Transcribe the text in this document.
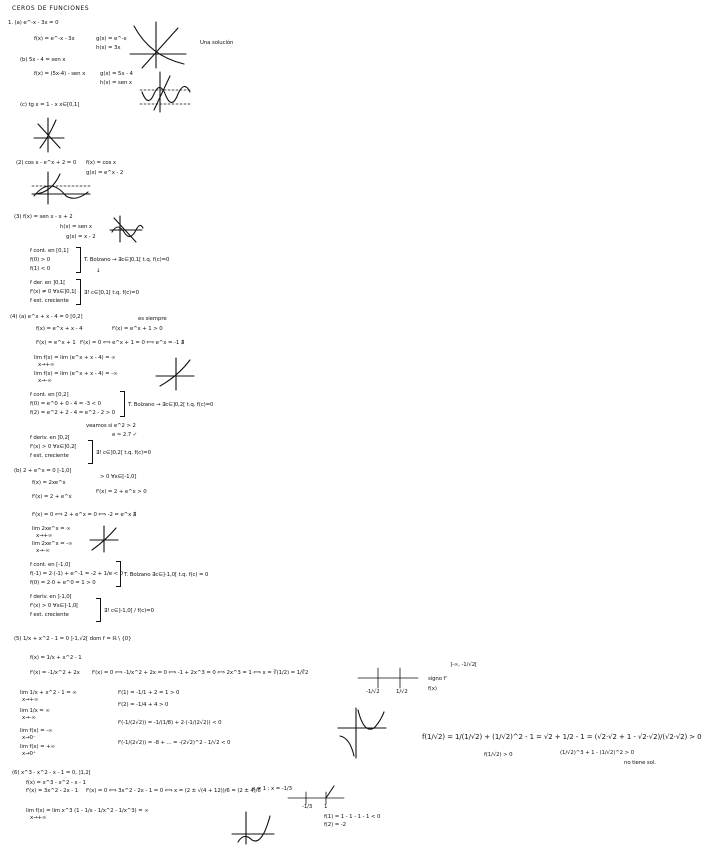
CEROS DE FUNCIONES
1. (a) e^-x - 3x = 0
f(x) = e^-x - 3x	g(x) = e^-x
h(x) = 3x
Una solución
(b) 5x - 4 = sen x
f(x) = (5x-4) - sen x	g(x) = 5x - 4
h(x) = sen x
(c) tg x = 1 - x x∈[0,1]
(2) cos x - e^x + 2 = 0 f(x) = cos x
g(x) = e^x - 2
(3) f(x) = sen x - x + 2
h(x) = sen x
g(x) = x - 2
f cont. en [0,1]
f(0) > 0
f(1) < 0
T. Bolzano → ∃c∈]0,1[ t.q. f(c)=0
↓
f der. en ]0,1[
f'(x) ≠ 0 ∀x∈]0,1[
f est. creciente
∃! c∈]0,1[ t.q. f(c)=0
(4) (a) e^x + x - 4 = 0 [0,2]	es siempre
f(x) = e^x + x - 4	f'(x) = e^x + 1 > 0
f'(x) = e^x + 1 f'(x) = 0 ⟺ e^x + 1 = 0 ⟺ e^x = -1 ∄
lim f(x) = lim (e^x + x - 4) = ∞
x→+∞
lim f(x) = lim (e^x + x - 4) = -∞
x→-∞
f cont. en [0,2]
f(0) = e^0 + 0 - 4 = -3 < 0
f(2) = e^2 + 2 - 4 = e^2 - 2 > 0
T. Bolzano → ∃c∈]0,2[ t.q. f(c)=0
veamos si e^2 > 2
e ≈ 2.7 ✓
f deriv. en ]0,2[
f'(x) > 0 ∀x∈]0,2[
f est. creciente	∃! c∈]0,2[ t.q. f(c)=0
(b) 2 + e^x = 0 [-1,0]
> 0 ∀x∈[-1,0]
f(x) = 2xe^x
f'(x) = 2 + e^x > 0
f'(x) = 2 + e^x
f'(x) = 0 ⟺ 2 + e^x = 0 ⟺ -2 = e^x ∄
lim 2xe^x = ∞
x→+∞
lim 2xe^x = -∞
x→-∞
f cont. en [-1,0]
f(-1) = 2·(-1) + e^-1 = -2 + 1/e < 0
f(0) = 2·0 + e^0 = 1 > 0
T. Bolzano ∃c∈]-1,0[ t.q. f(c) = 0
f deriv. en ]-1,0[
f'(x) > 0 ∀x∈]-1,0[
f est. creciente
∃! c∈]-1,0[ / f(c)=0
(5) 1/x + x^2 - 1 = 0 ]-1,√2[ dom f = ℝ \ {0}
f(x) = 1/x + x^2 - 1
f'(x) = -1/x^2 + 2x f'(x) = 0 ⟺ -1/x^2 + 2x = 0 ⟺ -1 + 2x^3 = 0 ⟺ 2x^3 = 1 ⟺ x = ∛(1/2) = 1/∛2
-1/√2	1/√2
signo f'
f(x)
]-∞, -1/√2[
lim 1/x + x^2 - 1 = ∞
x→+∞
lim 1/x = ∞
x→-∞
lim f(x) = -∞
x→0⁻
lim f(x) = +∞
x→0⁺
f'(1) = -1/1 + 2 = 1 > 0
f'(2) = -1/4 + 4 > 0
f'(-1/(2√2)) = -1/(1/8) + 2·(-1/(2√2)) < 0
f'(-1/(2√2)) = -8 + ... = -(2√2)^2 - 1/√2 < 0
f(1/√2) = 1/(1/√2) + (1/√2)^2 - 1 = √2 + 1/2 - 1 = (√2·√2 + 1 - √2·√2)/(√2·√2) > 0
f(1/√2) > 0	(1/√2)^3 + 1 - (1/√2)^2 > 0
no tiene sol.
(6) x^3 - x^2 - x - 1 = 0, ]1,2[
f(x) = x^3 - x^2 - x - 1
f'(x) = 3x^2 - 2x - 1 f'(x) = 0 ⟺ 3x^2 - 2x - 1 = 0 ⟺ x = (2 ± √(4 + 12))/6 = (2 ± 4)/6
x = 1 ; x = -1/3
lim f(x) = lim x^3 (1 - 1/x - 1/x^2 - 1/x^3) = ∞
x→+∞
-1/3 1
f(1) = 1 - 1 - 1 - 1 < 0
f(2) = -2
